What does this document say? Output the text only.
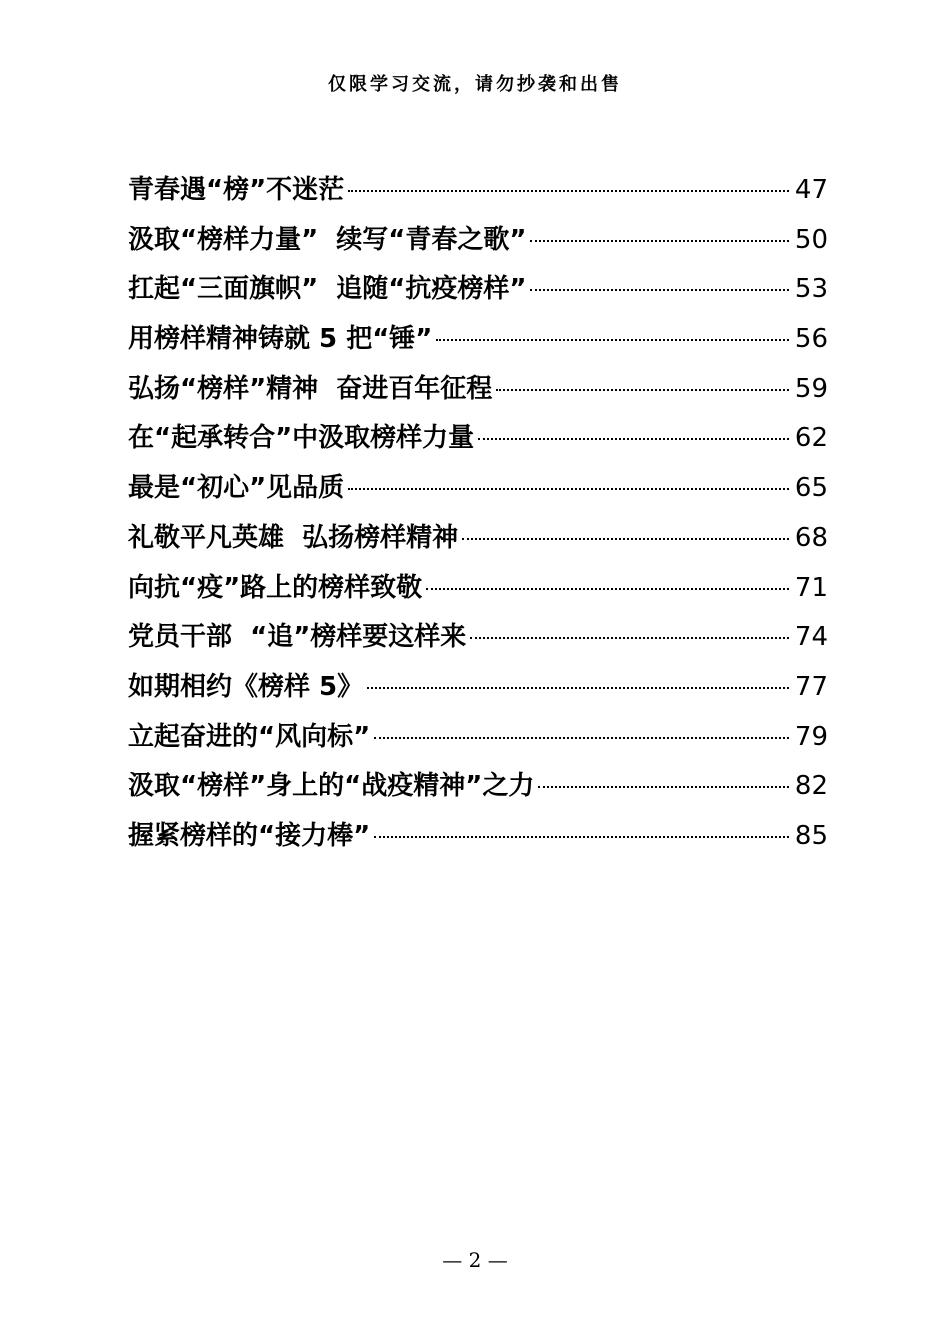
仅限学习交流，请勿抄袭和出售
青春遇“榜”不迷茫	47
汲取“榜样力量”  续写“青春之歌”	50
扛起“三面旗帜”  追随“抗疫榜样”	53
用榜样精神铸就 5 把“锤”	56
弘扬“榜样”精神  奋进百年征程	59
在“起承转合”中汲取榜样力量	62
最是“初心”见品质	65
礼敬平凡英雄  弘扬榜样精神	68
向抗“疫”路上的榜样致敬	71
党员干部  “追”榜样要这样来	74
如期相约《榜样 5》	77
立起奋进的“风向标”	79
汲取“榜样”身上的“战疫精神”之力	82
握紧榜样的“接力棒”	85
— 2 —
